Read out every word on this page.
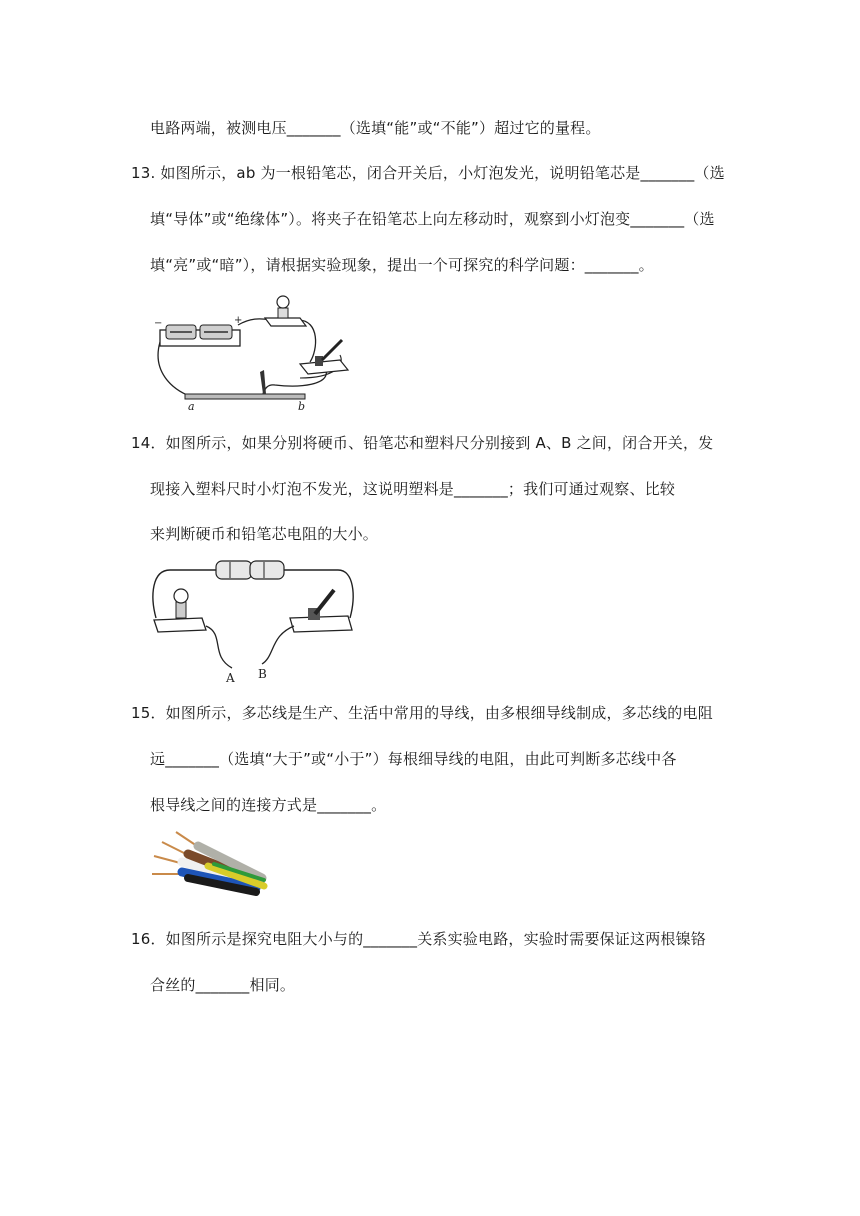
电路两端，被测电压_______（选填“能”或“不能”）超过它的量程。
13. 如图所示，ab 为一根铅笔芯，闭合开关后，小灯泡发光，说明铅笔芯是_______（选
填“导体”或“绝缘体”）。将夹子在铅笔芯上向左移动时，观察到小灯泡变_______（选
填“亮”或“暗”），请根据实验现象，提出一个可探究的科学问题：_______。
−	+
a	b
14．如图所示，如果分别将硬币、铅笔芯和塑料尺分别接到 A、B 之间，闭合开关，发
现接入塑料尺时小灯泡不发光，这说明塑料是_______；我们可通过观察、比较
来判断硬币和铅笔芯电阻的大小。
A B
15．如图所示，多芯线是生产、生活中常用的导线，由多根细导线制成，多芯线的电阻
远_______（选填“大于”或“小于”）每根细导线的电阻，由此可判断多芯线中各
根导线之间的连接方式是_______。
16．如图所示是探究电阻大小与的_______关系实验电路，实验时需要保证这两根镍铬
合丝的_______相同。
